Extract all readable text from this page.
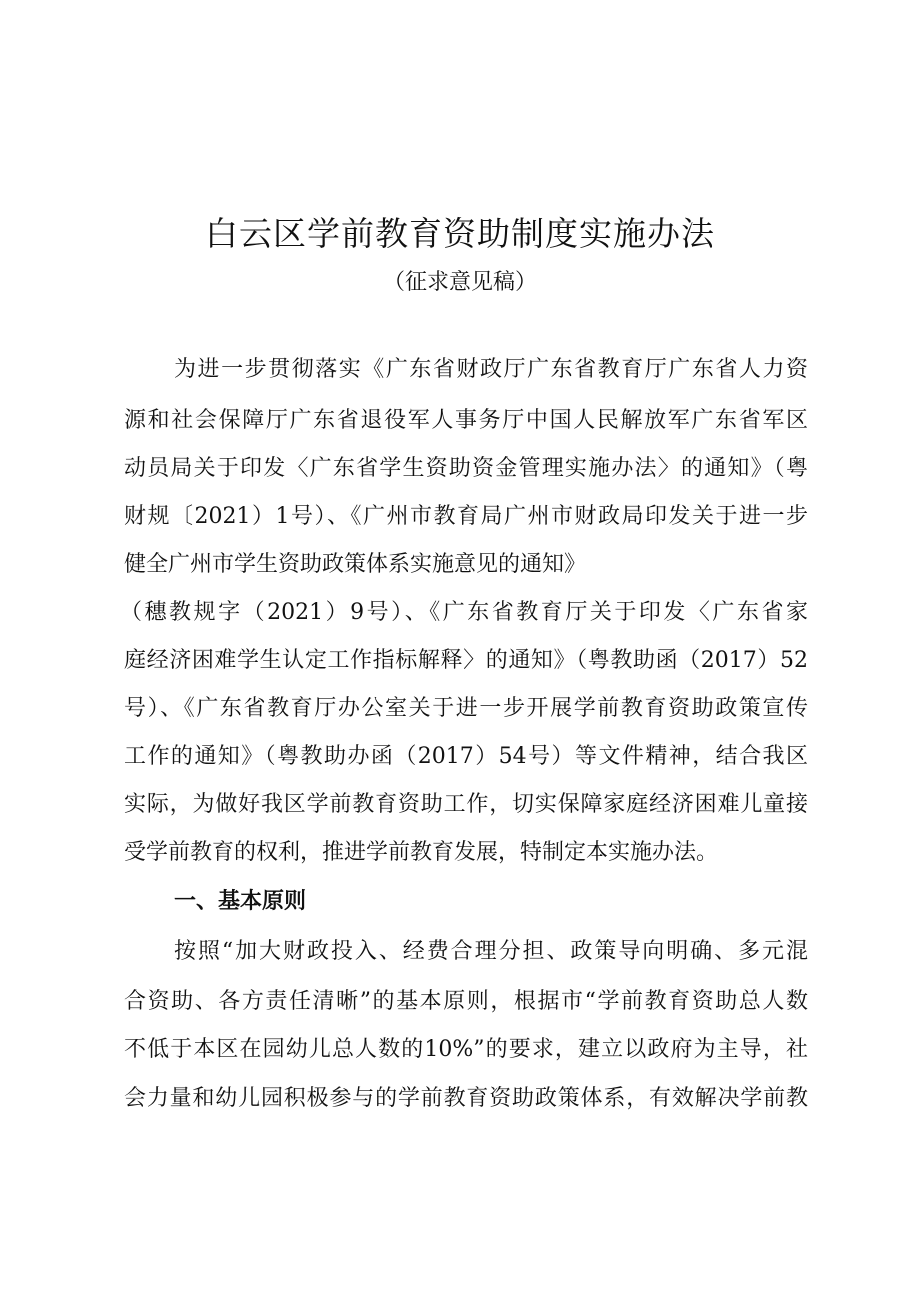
白云区学前教育资助制度实施办法
（征求意见稿）

为进一步贯彻落实《广东省财政厅广东省教育厅广东省人力资

源和社会保障厅广东省退役军人事务厅中国人民解放军广东省军区

动员局关于印发〈广东省学生资助资金管理实施办法〉的通知》（粤

财规〔2021）1号）、《广州市教育局广州市财政局印发关于进一步

健全广州市学生资助政策体系实施意见的通知》

（穗教规字（2021）9号）、《广东省教育厅关于印发〈广东省家

庭经济困难学生认定工作指标解释〉的通知》（粤教助函（2017）52

号）、《广东省教育厅办公室关于进一步开展学前教育资助政策宣传

工作的通知》（粤教助办函（2017）54号）等文件精神，结合我区

实际，为做好我区学前教育资助工作，切实保障家庭经济困难儿童接

受学前教育的权利，推进学前教育发展，特制定本实施办法。

一、基本原则

按照“加大财政投入、经费合理分担、政策导向明确、多元混

合资助、各方责任清晰”的基本原则，根据市“学前教育资助总人数

不低于本区在园幼儿总人数的10%”的要求，建立以政府为主导，社

会力量和幼儿园积极参与的学前教育资助政策体系，有效解决学前教
